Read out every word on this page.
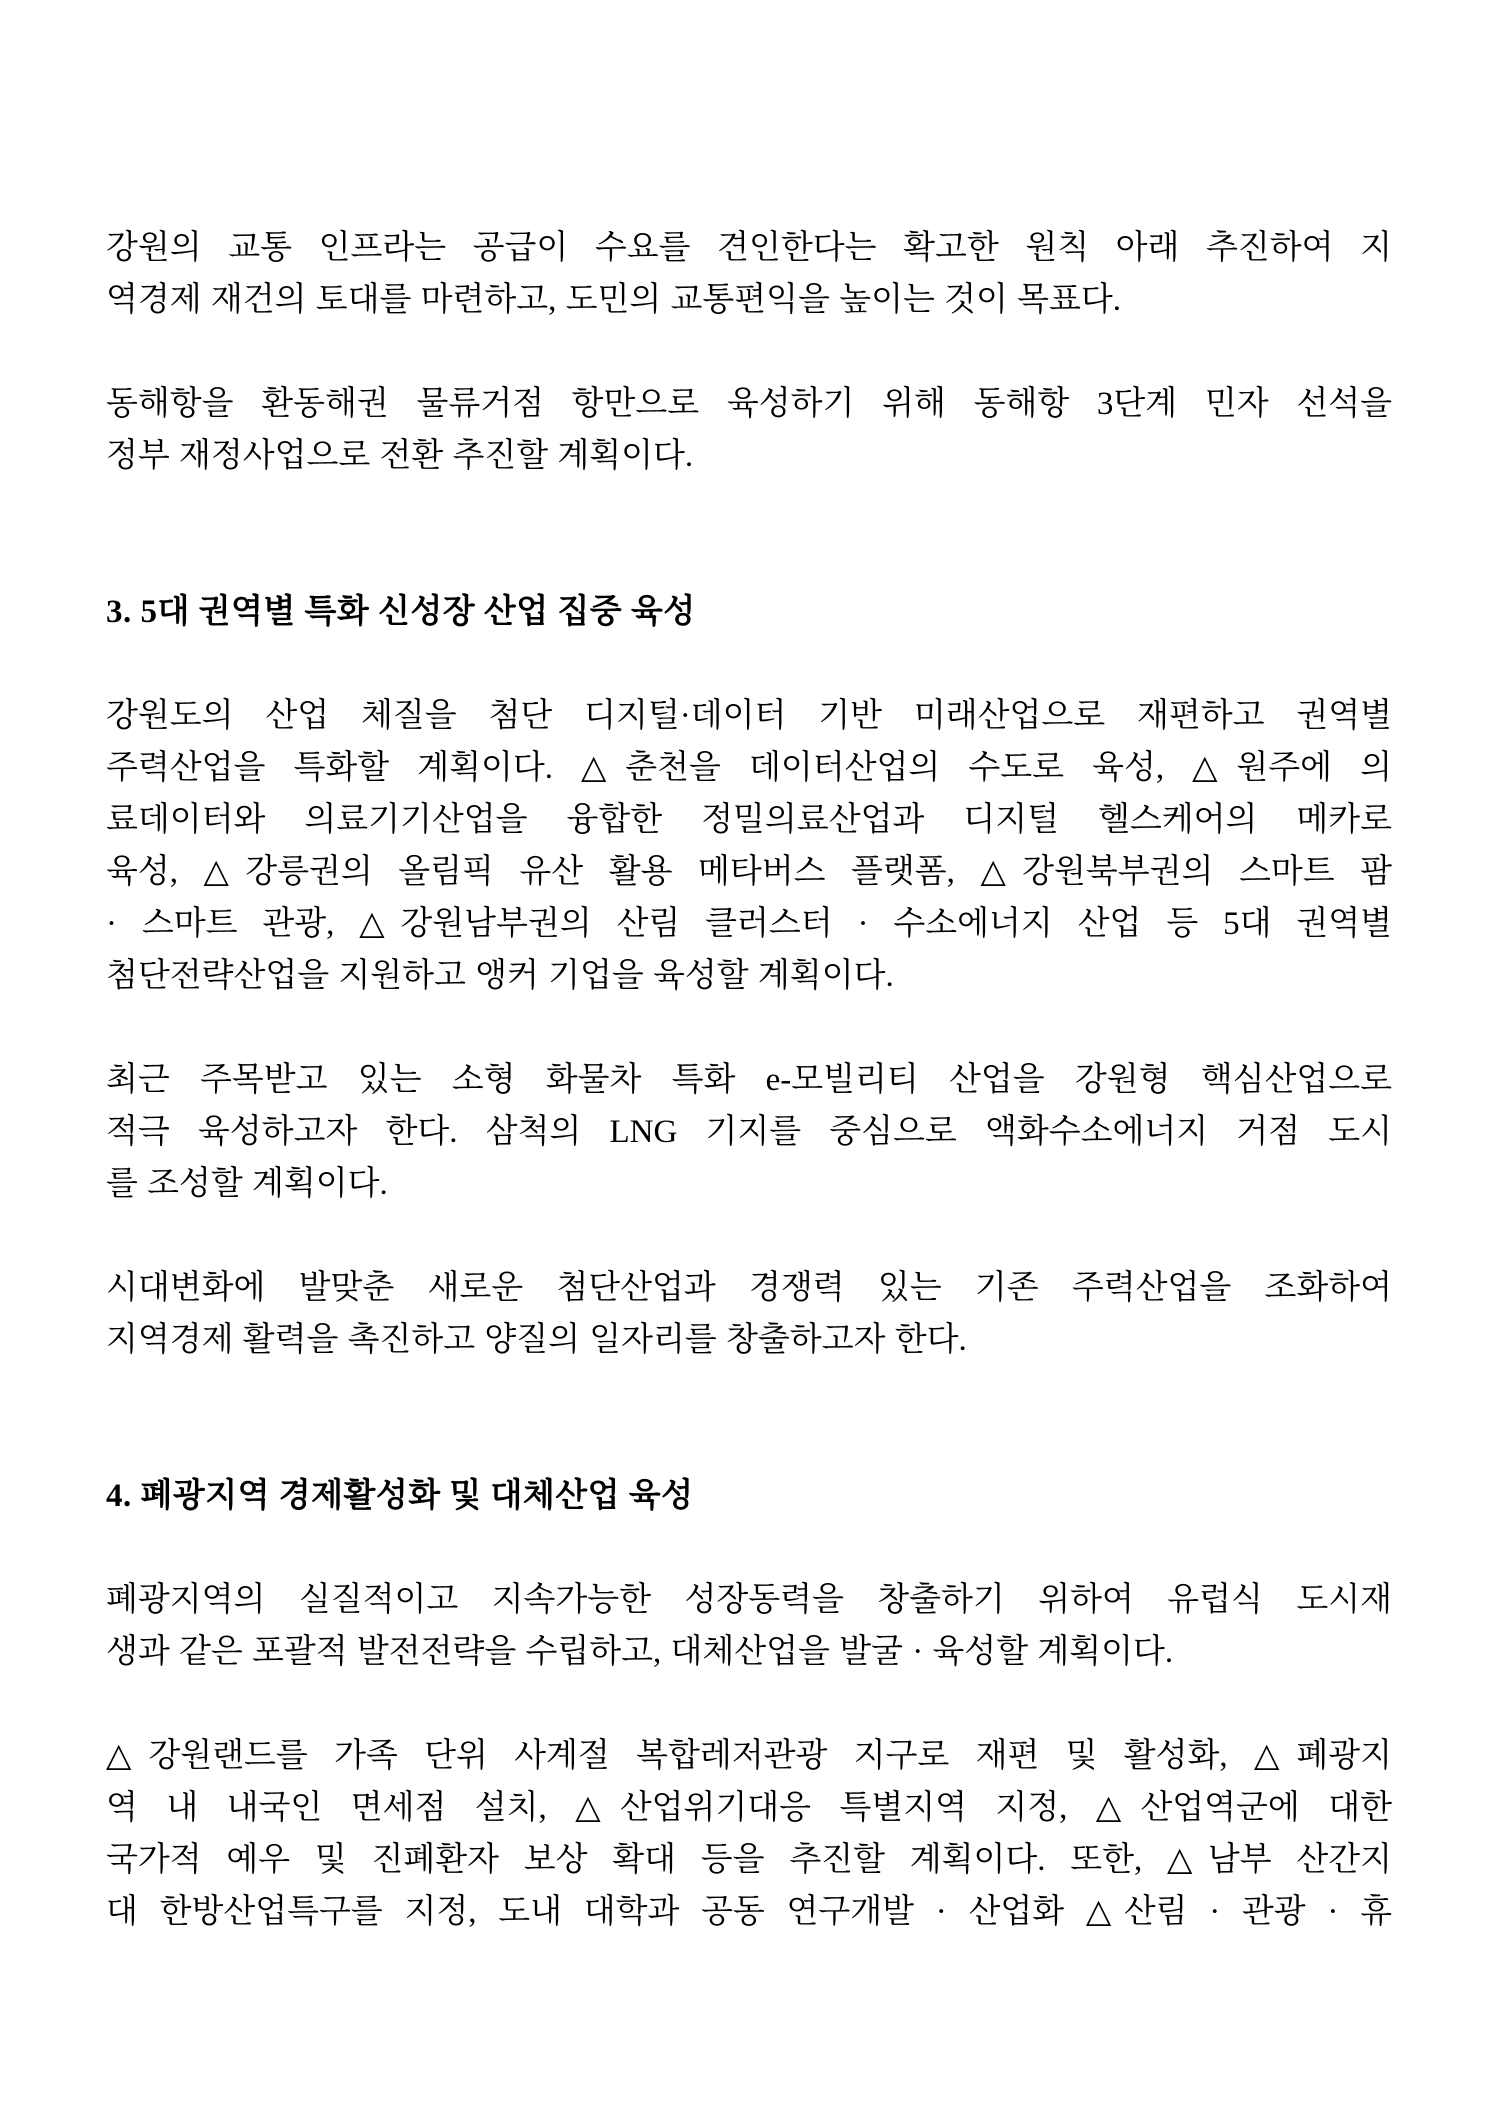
강원의 교통 인프라는 공급이 수요를 견인한다는 확고한 원칙 아래 추진하여 지
역경제 재건의 토대를 마련하고, 도민의 교통편익을 높이는 것이 목표다.
동해항을 환동해권 물류거점 항만으로 육성하기 위해 동해항 3단계 민자 선석을
정부 재정사업으로 전환 추진할 계획이다.
3. 5대 권역별 특화 신성장 산업 집중 육성
강원도의 산업 체질을 첨단 디지털·데이터 기반 미래산업으로 재편하고 권역별
주력산업을 특화할 계획이다. △춘천을 데이터산업의 수도로 육성, △원주에 의
료데이터와 의료기기산업을 융합한 정밀의료산업과 디지털 헬스케어의 메카로
육성, △강릉권의 올림픽 유산 활용 메타버스 플랫폼, △강원북부권의 스마트 팜
· 스마트 관광, △강원남부권의 산림 클러스터 · 수소에너지 산업 등 5대 권역별
첨단전략산업을 지원하고 앵커 기업을 육성할 계획이다.
최근 주목받고 있는 소형 화물차 특화 e-모빌리티 산업을 강원형 핵심산업으로
적극 육성하고자 한다. 삼척의 LNG 기지를 중심으로 액화수소에너지 거점 도시
를 조성할 계획이다.
시대변화에 발맞춘 새로운 첨단산업과 경쟁력 있는 기존 주력산업을 조화하여
지역경제 활력을 촉진하고 양질의 일자리를 창출하고자 한다.
4. 폐광지역 경제활성화 및 대체산업 육성
폐광지역의 실질적이고 지속가능한 성장동력을 창출하기 위하여 유럽식 도시재
생과 같은 포괄적 발전전략을 수립하고, 대체산업을 발굴 · 육성할 계획이다.
△강원랜드를 가족 단위 사계절 복합레저관광 지구로 재편 및 활성화, △폐광지
역 내 내국인 면세점 설치, △산업위기대응 특별지역 지정, △산업역군에 대한
국가적 예우 및 진폐환자 보상 확대 등을 추진할 계획이다. 또한, △남부 산간지
대 한방산업특구를 지정, 도내 대학과 공동 연구개발 · 산업화 △산림 · 관광 · 휴
